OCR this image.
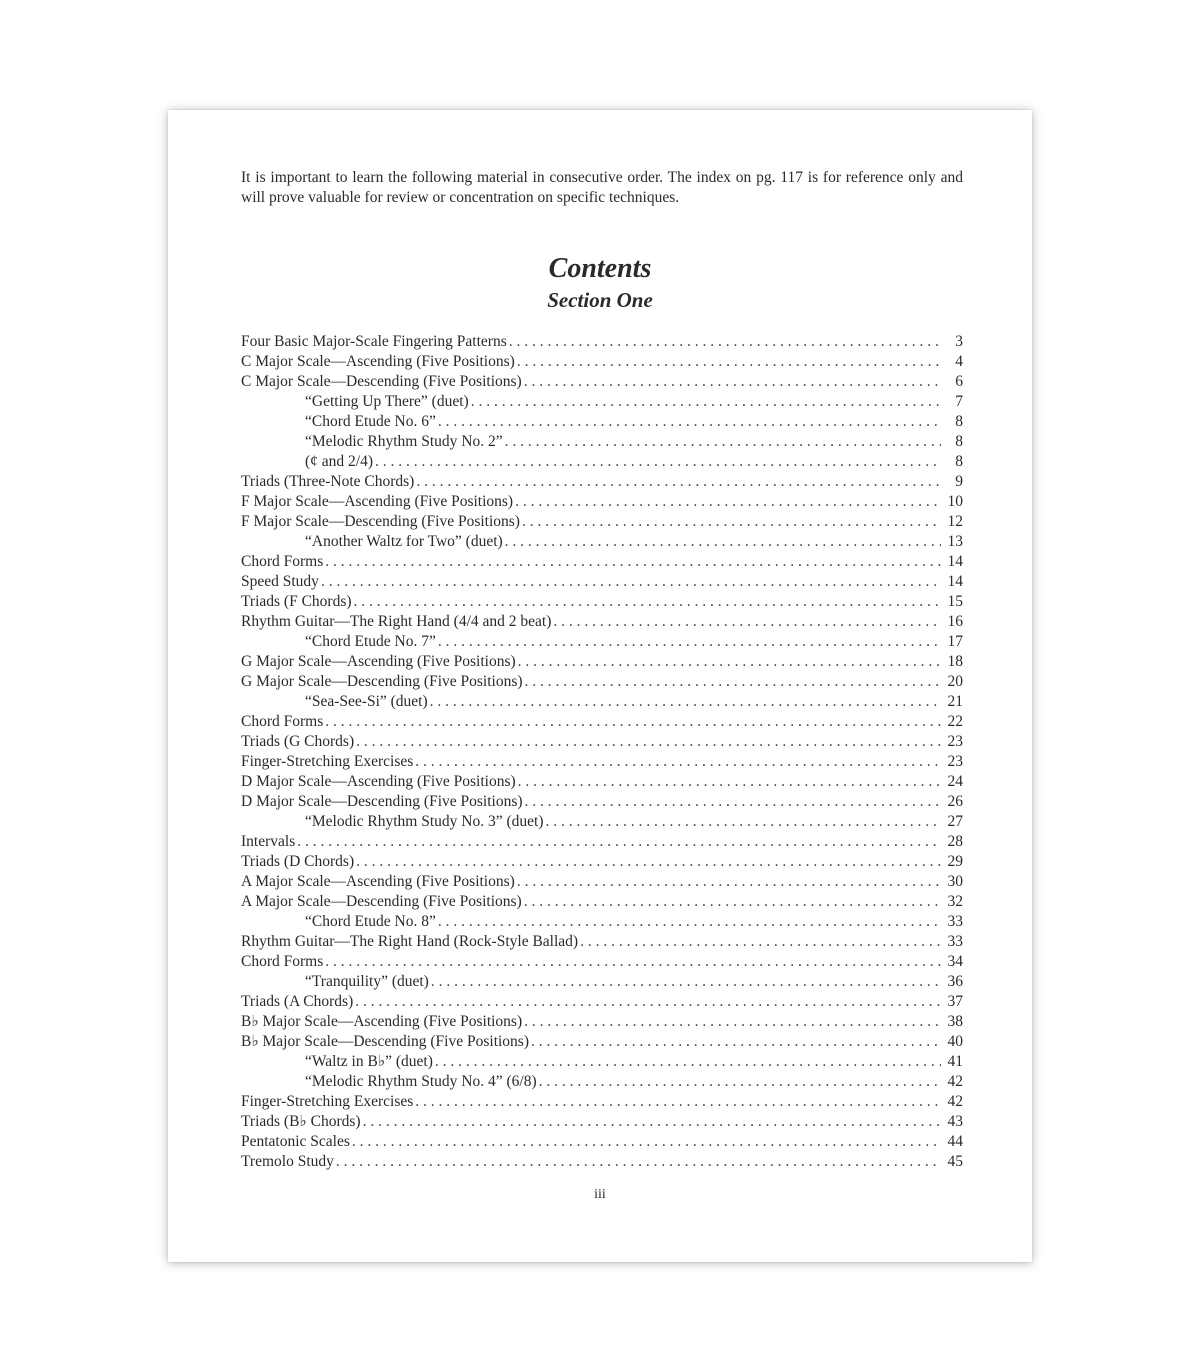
It is important to learn the following material in consecutive order. The index on pg. 117 is for reference only and will prove valuable for review or concentration on specific techniques.

Contents
Section One
Four Basic Major-Scale Fingering Patterns . . .	3
C Major Scale—Ascending (Five Positions) . . .	4
C Major Scale—Descending (Five Positions) . . .	6
“Getting Up There” (duet) . . .	7
“Chord Etude No. 6” . . .	8
“Melodic Rhythm Study No. 2” . . .	8
(¢ and 2/4) . . .	8
Triads (Three-Note Chords) . . .	9
F Major Scale—Ascending (Five Positions) . . .	10
F Major Scale—Descending (Five Positions) . . .	12
“Another Waltz for Two” (duet) . . .	13
Chord Forms . . .	14
Speed Study . . .	14
Triads (F Chords) . . .	15
Rhythm Guitar—The Right Hand (4/4 and 2 beat) . . .	16
“Chord Etude No. 7” . . .	17
G Major Scale—Ascending (Five Positions) . . .	18
G Major Scale—Descending (Five Positions) . . .	20
“Sea-See-Si” (duet) . . .	21
Chord Forms . . .	22
Triads (G Chords) . . .	23
Finger-Stretching Exercises . . .	23
D Major Scale—Ascending (Five Positions) . . .	24
D Major Scale—Descending (Five Positions) . . .	26
“Melodic Rhythm Study No. 3” (duet) . . .	27
Intervals . . .	28
Triads (D Chords) . . .	29
A Major Scale—Ascending (Five Positions) . . .	30
A Major Scale—Descending (Five Positions) . . .	32
“Chord Etude No. 8” . . .	33
Rhythm Guitar—The Right Hand (Rock-Style Ballad) . . .	33
Chord Forms . . .	34
“Tranquility” (duet) . . .	36
Triads (A Chords) . . .	37
B♭ Major Scale—Ascending (Five Positions) . . .	38
B♭ Major Scale—Descending (Five Positions) . . .	40
“Waltz in B♭” (duet) . . .	41
“Melodic Rhythm Study No. 4” (6/8) . . .	42
Finger-Stretching Exercises . . .	42
Triads (B♭ Chords) . . .	43
Pentatonic Scales . . .	44
Tremolo Study . . .	45

iii
